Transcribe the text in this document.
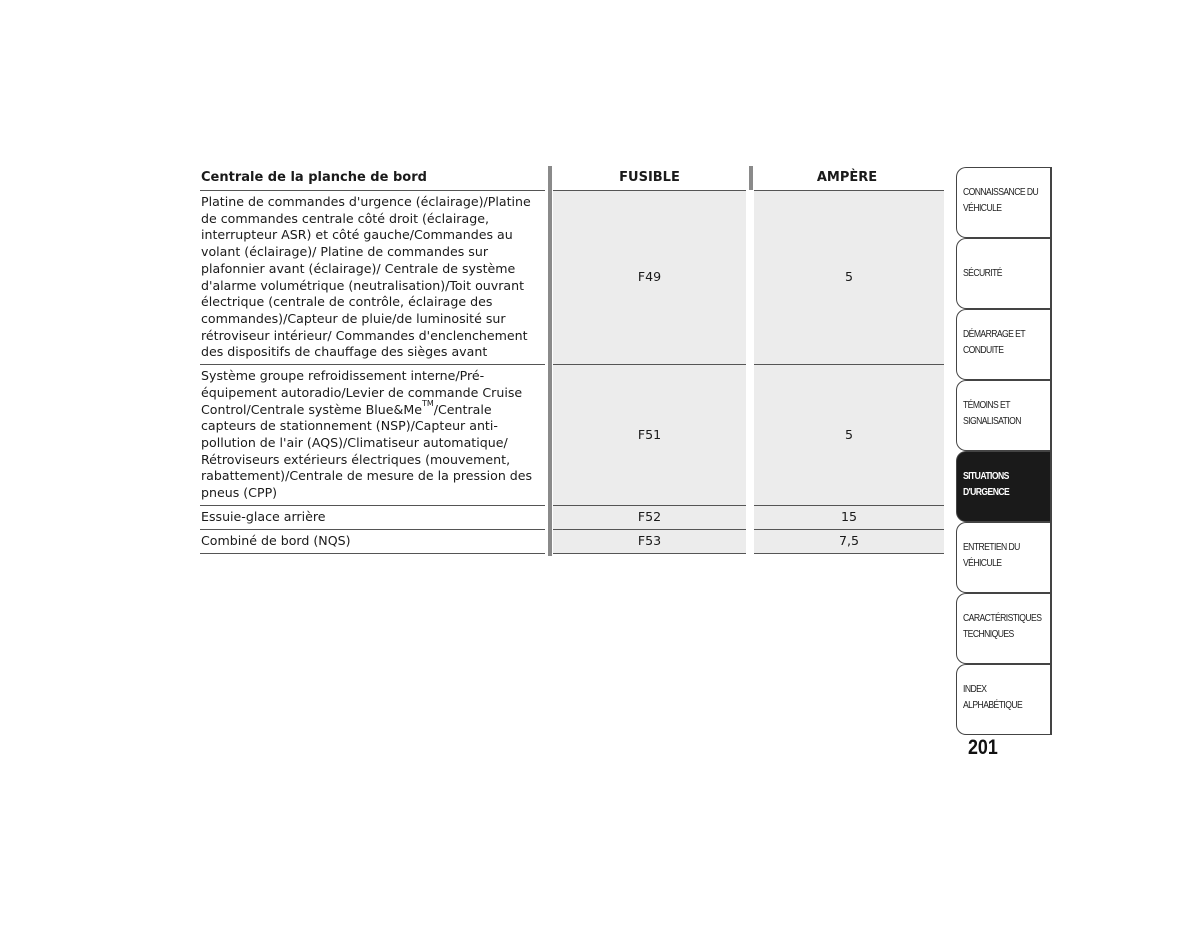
Centrale de la planche de bord	FUSIBLE	AMPÈRE
Platine de commandes d'urgence (éclairage)/Platine de commandes centrale côté droit (éclairage, interrupteur ASR) et côté gauche/Commandes au volant (éclairage)/ Platine de commandes sur plafonnier avant (éclairage)/ Centrale de système d'alarme volumétrique (neutralisation)/Toit ouvrant électrique (centrale de contrôle, éclairage des commandes)/Capteur de pluie/de luminosité sur rétroviseur intérieur/ Commandes d'enclenchement des dispositifs de chauffage des sièges avant	F49	5
Système groupe refroidissement interne/Pré- équipement autoradio/Levier de commande Cruise Control/Centrale système Blue&Me™/Centrale capteurs de stationnement (NSP)/Capteur anti- pollution de l'air (AQS)/Climatiseur automatique/ Rétroviseurs extérieurs électriques (mouvement, rabattement)/Centrale de mesure de la pression des pneus (CPP)	F51	5
Essuie-glace arrière	F52	15
Combiné de bord (NQS)	F53	7,5
CONNAISSANCE DU
VÉHICULE
SÉCURITÉ
DÉMARRAGE ET
CONDUITE
TÉMOINS ET
SIGNALISATION
SITUATIONS
D'URGENCE
ENTRETIEN DU
VÉHICULE
CARACTÉRISTIQUES
TECHNIQUES
INDEX
ALPHABÉTIQUE
201
